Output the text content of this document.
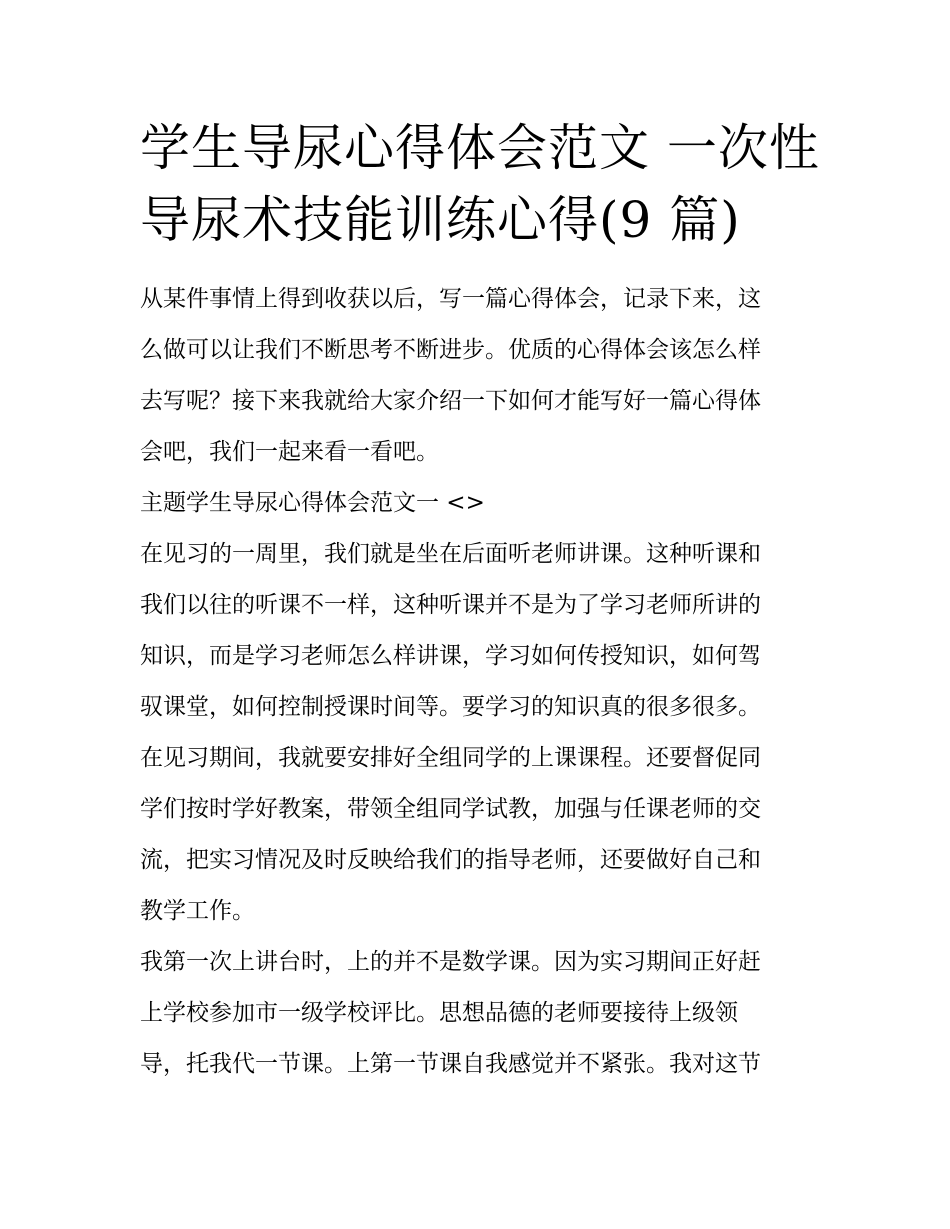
学生导尿心得体会范文 一次性
导尿术技能训练心得(9 篇)

从某件事情上得到收获以后，写一篇心得体会，记录下来，这
么做可以让我们不断思考不断进步。优质的心得体会该怎么样
去写呢？接下来我就给大家介绍一下如何才能写好一篇心得体
会吧，我们一起来看一看吧。

主题学生导尿心得体会范文一 <>

在见习的一周里，我们就是坐在后面听老师讲课。这种听课和
我们以往的听课不一样，这种听课并不是为了学习老师所讲的
知识，而是学习老师怎么样讲课，学习如何传授知识，如何驾
驭课堂，如何控制授课时间等。要学习的知识真的很多很多。

在见习期间，我就要安排好全组同学的上课课程。还要督促同
学们按时学好教案，带领全组同学试教，加强与任课老师的交
流，把实习情况及时反映给我们的指导老师，还要做好自己和
教学工作。

我第一次上讲台时，上的并不是数学课。因为实习期间正好赶
上学校参加市一级学校评比。思想品德的老师要接待上级领
导，托我代一节课。上第一节课自我感觉并不紧张。我对这节
